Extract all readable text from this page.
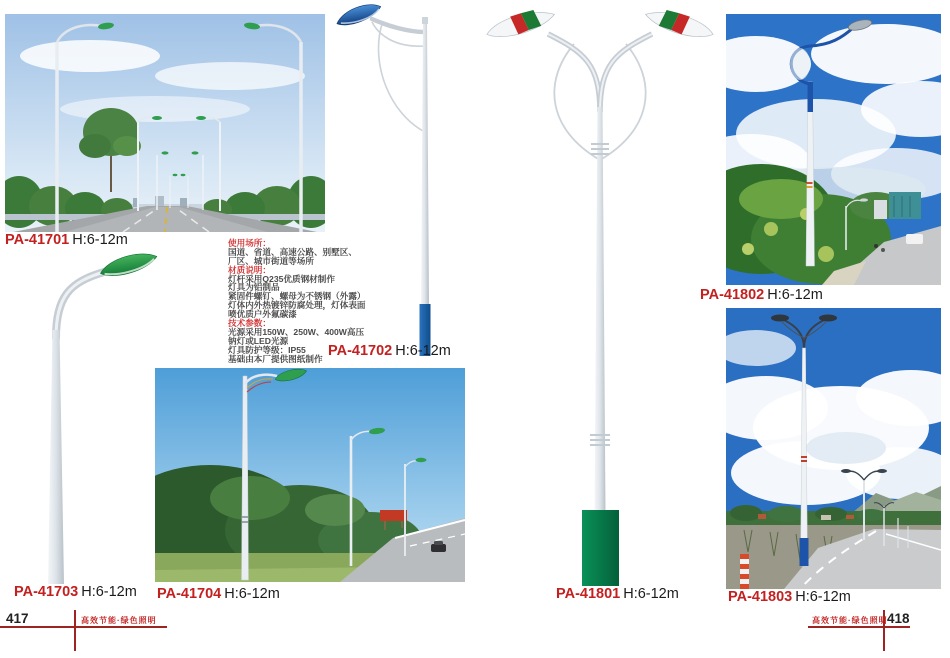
使用场所：
国道、省道、高速公路、别墅区、
厂区、城市街道等场所
材质说明：
灯杆采用Q235优质钢材制作
灯具为铝制品
紧固件螺钉、螺母为不锈钢（外露）
灯体内外热镀锌防腐处理，灯体表面
喷优质户外氟碳漆
技术参数：
光源采用150W、250W、400W高压
钠灯或LED光源
灯具防护等级：IP55
基础由本厂提供图纸制作
PA-41701 H:6-12m
PA-41702 H:6-12m
PA-41703 H:6-12m PA-41704 H:6-12m	PA-41801 H:6-12m
PA-41802 H:6-12m
PA-41803 H:6-12m
417	高效节能·绿色照明	高效节能·绿色照明 418
